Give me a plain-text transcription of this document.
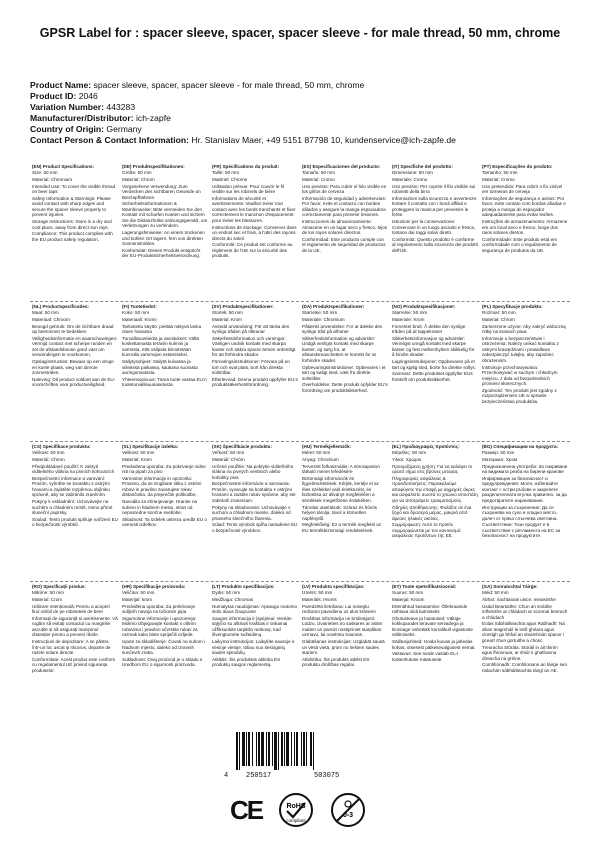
GPSR Label for : spacer sleeve, spacer, spacer sleeve - for male thread, 50 mm, chrome
Product Name: spacer sleeve, spacer, spacer sleeve - for male thread, 50 mm, chrome
Product ID: 2046
Variation Number: 443283
Manufacturer/Distributor: ich-zapfe
Country of Origin: Germany
Contact Person & Contact Information: Hr. Stanislav Maer, +49 5151 87798 10, kundenservice@ich-zapfe.de
(EN) Product Specifications:

Size: 50 mm

Material: Chromium

Intended Use: To cover the visible thread on beer taps

Safety Information & Warnings: Please avoid contact with sharp edges and secure the spacer sleeve properly to prevent injuries.

Storage Instructions: Store in a dry and cool place, away from direct sun rays.

Compliance: This product complies with the EU product safety regulation.

(DE) Produktspezifikationen:

Größe: 50 mm

Material: Chrom

Vorgesehene Verwendung: Zum Verdecken des sichtbaren Gewinde an Bierzapfhähnen

Sicherheitsinformationen & Warnhinweise: Bitte vermeiden Sie den Kontakt mit scharfen Kanten und sichern Sie die Distanzhülse ordnungsgemäß, um Verletzungen zu verhindern.

Lagerungshinweise: An einem trockenen und kühlen Ort lagern, fern von direkten Sonnenstrahlen.

Konformität: Dieses Produkt entspricht der EU-Produktsicherheitsverordnung.

(FR) Spécifications du produit:

Taille: 50 mm

Matériel: Chrome

Utilisation prévue: Pour couvrir le fil visible sur les robinets de bière

Informations de sécurité et avertissements: Veuillez éviter tout contact avec les bords tranchants et fixer correctement le manchon d'espacement pour éviter les blessures.

Instructions de stockage: Conserver dans un endroit sec et frais, à l'abri des rayons directs du soleil.

Conformité: Ce produit est conforme au règlement de l'UE sur la sécurité des produits.

(ES) Especificaciones del producto:

Tamaño: 50 mm

Material: Cromo

Uso previsto: Para cubrir el hilo visible en los grifos de cerveza

Información de seguridad y advertencias: Por favor, evite el contacto con bordes afilados y asegure la manga espaciadora correctamente para prevenir lesiones.

Instrucciones de almacenamiento: Almacene en un lugar seco y fresco, lejos de los rayos solares directos.

Conformidad: Este producto cumple con el reglamento de seguridad de productos de la UE.

(IT) Specifiche del prodotto:

Dimensione: 50 mm

Materiale: Cromo

Uso previsto: Per coprire il filo visibile sui rubinetti della birra

Informazioni sulla sicurezza e avvertenze: Evitare il contatto con i bordi affilati e proteggere la manica per prevenire le ferite.

Istruzioni per la conservazione: Conservare in un luogo asciutto e fresco, lontano dai raggi solari diretti.

Conformità: Questo prodotto è conforme al regolamento sulla sicurezza dei prodotti dell'UE.

(PT) Especificações do produto:

Tamanho: 50 mm

Material: Cromo

Uso pretendido: Para cobrir o fio visível em torneiras de cerveja

Informações de segurança e avisos: Por favor, evite contato com bordas afiadas e proteja a manga do espaçador adequadamente para evitar lesões.

Instruções de armazenamento: Armazene em um local seco e fresco, longe dos raios solares diretos.

Conformidade: Este produto está em conformidade com o regulamento de segurança de produtos da UE.

(NL) Productspecificaties:

Maat: 50 mm

Materiaal: Chroom

Beoogd gebruik: Om de zichtbare draad op biertonnen te bedekken

Veiligheidsinformatie en waarschuwingen: Vermijd contact met scherpe randen en zet de afstandsbouse goed vast om verwondingen te voorkomen.

Opslaginstructies: Bewaar op een droge en koele plaats, weg van directe zonnestralen.

Naleving: Dit product voldoet aan de EU-voorschriften voor productveiligheid.

(FI) Tuotetiedot:

Koko: 50 mm

Materiaali: Kromi

Tarkoitettu käyttö: peittää näkyvä lanka oluen hanassa

Turvallisuustiedot ja varoitukset: Vältä koskettamasta teräviin kulmiin ja varmista, että välipala kiinnitetään kunnolla vammojen estämiseksi.

Säilytysohjeet: Säilytä kuivassa ja viileässä paikassa, kaukana suorasta auringonvalosta.

Yhteensopivuus: Tämä tuote vastaa EU:n tuoteturvallisuusasetusta.

(SV) Produktspecifikationer:

Storlek: 50 mm

Material: Krom

Avsedd användning: För att täcka den synliga tråden på ölkranar

Säkerhetsinformation och varningar: Vänligen undvik kontakt med skarpa kanter och säkra spacer ärmen ordentligt för att förhindra skador.

Förvaringsinstruktioner: Förvara på en torr och sval plats, bort från direkta solstrålar.

Efterlevnad: Denna produkt uppfyller EU:s produktsäkerhetsförordning.

(DA) Produktspecifikationer:

Størrelse: 50 mm

Materiale: Chromium

Påtænkt anvendelse: For at dække den synlige tråd på ølhaner

Sikkerhedsinformation og advarsler: Undgå venligst kontakt med skarpe kanter, og sørg for, at afstandsmanchetten er korrekt for at forhindre skader.

Opbevaringsinstruktioner: Opbevares i et tørt og køligt sted, væk fra direkte solstråler.

Overholdelse: Dette produkt opfylder EU's forordning om produktsikkerhed.

(NO) Produktspesifikasjoner:

Størrelse: 50 mm

Materiale: Krom

Forventet bruk: Å dekke den synlige tråden på øl tappekraner

Sikkerhetsinformasjon og advarsler: Vennligst unngå kontakt med skarpe kanter og fest mellomhylsen skikkelig for å hindre skader.

Lagringsinstruksjoner: Oppbevares på et tørt og kjølig sted, borte fra direkte sollys.

Samsvar: Dette produktet oppfyller EUs forskrift om produktsikkerhet.

(PL) Specyfikacje produktu:

Rozmiar: 50 mm

Materiał: Chrom

Zamierzone użycie: Aby zakryć widoczną nitkę na kranach piwa

Informacje o bezpieczeństwie i ostrzeżenia: Należy unikać kontaktu z ostrymi krawędziami i prawidłowo zabezpieczyć tulejkę, aby zapobiec obrażeniom.

Instrukcje przechowywania: Przechowywać w suchym i chłodnym miejscu, z dala od bezpośrednich promieni słonecznych.

Zgodność: Ten produkt jest zgodny z rozporządzeniem UE w sprawie bezpieczeństwa produktów.

(CS) Specifikace produktu:

Velikost: 50 mm

Materiál: Chrom

Předpokládané použití: K zakrytí viditelného vlákna na pivních kohoutcích

Bezpečnostní informace a varování: Prosím, vyhněte se kontaktu s ostrými hranami a zajistěte rozpěrnou objímku správně, aby se zabránilo zraněním.

Pokyny k uskladnění: Uchovávejte na suchém a chladném místě, mimo přímé sluneční paprsky.

Soulad: Tento produkt splňuje nařízení EU o bezpečnosti výrobků.

(SL) Specifikacije izdelka:

Velikost: 50 mm

Material: Krom

Predvidena uporaba: Za pokrivanje vidne niti na pipah za pivo

Varnostne informacije in opozorila: Prosimo, da se izogibate stiku z ostrimi robovi in pravilno zavarujete rokav distančnika, da preprečite poškodbe.

Navodila za shranjevanje: Hranite na suhem in hladnem mestu, stran od neposredne sončne svetlobe.

Skladnost: Ta izdelek ustreza uredbi EU o varnosti izdelkov.

(SK) Špecifikácie produktu:

Veľkosť: 50 mm

Materiál: Chróm

Určené použitie: Na pokrytie viditeľného vlákna na pivných ventiloch alebo kohútiky piva

Bezpečnostné informácie a varovania: Prosím, vyvarujte sa kontaktu s ostrými hranami a zaistite rukáv správne, aby ste zabránili zraneniam.

Pokyny na skladovanie: Uchovávajte v suchom a chladnom mieste, ďaleko od priameho slnečného žiarenia.

Súlad: Tento výrobok spĺňa nariadenie EU o bezpečnosti výrobkov.

(HU) Termékjellemzők:

Méret: 50 mm

Anyag: Chromium

Tervezett felhasználás: A sörcsapokon látható menet lefedésére

Biztonsági információk és figyelmeztetések: Kérjük, kerülje el az éles szélekkel való érintkezést, és biztosítsa az állványt megfelelően a sérülések megelőzése érdekében.

Tárolási utasítások: Száraz és hűvös helyen tárolja, távol a közvetlen napfénytől.

Megfelelőség: Ez a termék megfelel az EU termékbiztonsági rendeletének.

(EL) Προδιαγραφές προϊόντος:

Μέγεθος: 50 mm

Υλικό: Χρώμιο

Προοριζόμενη χρήση: Για να καλύψει το ορατό νήμα στις βρύσες μπύρας

Πληροφορίες ασφάλειας & προειδοποιήσεις: Παρακαλούμε αποφύγετε την επαφή με αιχμηρές άκρες και ασφαλίστε σωστά το χιτώνιο αποστάτη για να αποτρέψετε τραυματισμούς.

Οδηγίες αποθήκευσης: Φυλάξτε σε ένα ξηρό και δροσερό μέρος, μακριά από άμεσες ηλιακές ακτίνες.

Συμμόρφωση: Αυτό το προϊόν συμμορφώνεται με τον κανονισμό ασφάλειας προϊόντων της ΕΕ.

(BG) Спецификации на продукта:

Размер: 50 mm

Материал: Хром

Предназначена употреба: За покриване на видимата резба на бирени кранове

Информация за безопасност и предупреждения: Моля, избягвайте контакт с остри ръбове и закрепете разделителната втулка правилно, за да предотвратите наранявания.

Инструкции за съхранение: Да се съхранява на сухо и хладно място, далеч от пряка слънчева светлина.

Съответствие: Този продукт е в съответствие с регламента на ЕС за безопасност на продуктите.

(RO) Specificații produs:

Mărime: 50 mm

Material: Crom

Utilizare intenționată: Pentru a acoperi firul vizibil de pe robinetele de bere

Informații de siguranță și avertismente: Vă rugăm să evitați contactul cu marginile ascuțite și să asigurați manșonul distanțier pentru a preveni rănile.

Instrucțiuni de depozitare: A se păstra într-un loc uscat și răcoros, departe de razele solare directe.

Conformitate: Acest produs este conform cu regulamentul UE privind siguranța produselor.

(HR) Specifikacije proizvoda:

Veličina: 50 mm

Materijal: krom

Predviđena uporaba: Za prekrivanje vidljivih navoja na točionim pipa

Sigurnosne informacije i upozorenja: Molimo izbjegavajte kontakt s oštrim rubovima i pravilno učvrstite rukav za razmak kako biste spriječili ozljede.

Upute za skladištenje: Čuvati na suhom i hladnom mjestu, daleko od izravnih sunčevih zraka.

Sukladnost: Ovaj proizvod je u skladu s Uredbom EU o sigurnosti proizvoda.

(LT) Produkto specifikacijos:

Dydis: 50 mm

Medžiaga: Chromas

Numatytas naudojimas: Apsaugu matomo siūlo alaus čiaupuose

Saugos informacija ir įspėjimai: Venkite sąlyčio su aštriais kraštais ir tinkamai užfiksuokite tarpiklio rankovę, kad išvengtumėte sužeidimų.

Laikymo instrukcijos: Laikykite sausoje ir vėsioje vietoje, toliau nuo tiesioginių saulės spindulių.

Atitiktis: Šis produktas atitinka ES produktų saugos reglamentą.

(LV) Produkta specifikācijas:

Izmērs: 50 mm

Materiāls: Hroms

Paredzētā lietošana: Lai nosegtu redzamo pavedienu uz alus krāniem

Drošības informācija un brīdinājumi: Lūdzu, izvairieties no saskares ar asām malām un pareizi nostipriniet starplikas uzmavu, lai novērstu traumas.

Glabāšanas instrukcijas: Uzglabāt sausā un vēsā vietā, prom no tiešiem saules stariem.

Atbilstība: Šis produkts atbilst ES produktu drošības regulai.

(ET) Toote spetsifikatsioonid:

Suurus: 50 mm

Materjal: Kroom

Ettenähtud kasutamine: Õllekraanide nähtava niidi katmiseks

Ohutusteave ja hoiatused: Vältige kokkupuudet teravate servadega ja kinnitage vahetükk korralikult vigastuste vältimiseks.

Säilitusjuhised: Hoida kuivas ja jahedas kohas, otsesest päikesevalgusest eemal.

Vastavus: See toode vastab EL-i tooteohutuse määrusele.

(GA) Sonraíochtaí Táirge:

Méid: 50 mm

Ábhar: riachtanais uisce: meaisinthe

Úsáid Beartaithe: Chun an snáithe infheicthe ar chládach ar sconnaí beorach a chlúdach

Eolas Sábháilteachta agus Rabhadh: Ná déan teagmháil le imill ghéara agus cinntigh go bhfuil an sleamhnán spacer i gceart chun gortuithe a chosc.

Treoracha Stórála: Stóráil in áit thirim agus fhionnuar, ar shiúl ó ghathanna díreacha na gréine.

Comhlíonadh: Comhlíonann an táirge seo rialachán sábháilteachta táirgí an AE.

4	250517	503075
CE	RoHS
compliant
0-3
